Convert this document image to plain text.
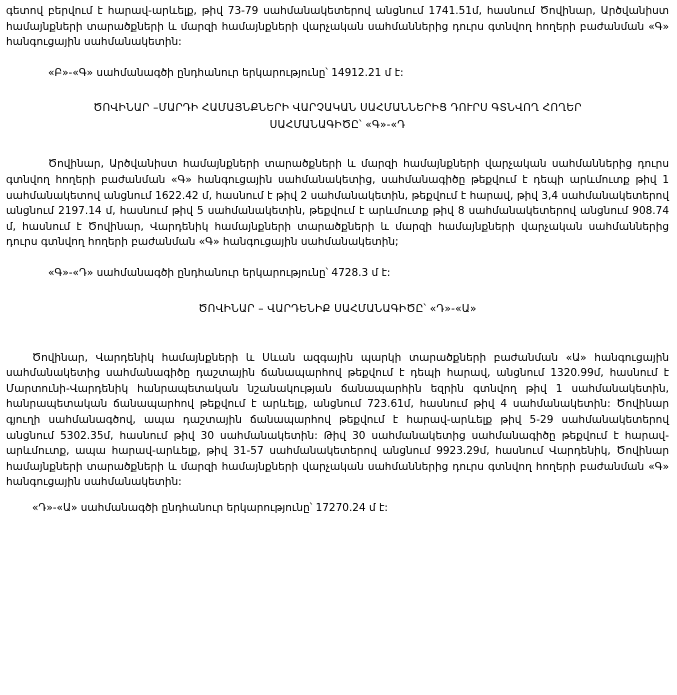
գետով բերվում է հարավ-արևելք, թիվ 73-79 սահմանակետերով անցնում 1741.51մ, հասնում Ծովինար, Արծվանիստ համայնքների տարածքների և մարզի համայնքների վարչական սահմաններից դուրս գտնվող հողերի բաժանման «Գ» հանգուցային սահմանակետին:

«Բ»-«Գ» սահմանագծի ընդհանուր երկարությունը՝ 14912.21 մ է:

ԾՈՎԻՆԱՐ –ՄԱՐԴԻ ՀԱՄԱՅՆՔՆԵՐԻ ՎԱՐՉԱԿԱՆ ՍԱՀՄԱՆՆԵՐԻՑ ԴՈՒՐՍ ԳՏՆՎՈՂ ՀՈՂԵՐ

ՍԱՀՄԱՆԱԳԻԾԸ՝ «Գ»-«Դ

Ծովինար, Արծվանիստ համայնքների տարածքների և մարզի համայնքների վարչական սահմաններից դուրս գտնվող հողերի բաժանման «Գ» հանգուցային սահմանակետից, սահմանագիծը թեքվում է դեպի արևմուտք թիվ 1 սահմանակետով անցնում 1622.42 մ, հասնում է թիվ 2 սահմանակետին, թեքվում է հարավ, թիվ 3,4 սահմանակետերով անցնում 2197.14 մ, հասնում թիվ 5 սահմանակետին, թեքվում է արևմուտք թիվ 8 սահմանակետերով անցնում 908.74 մ, հասնում է Ծովինար, Վարդենիկ համայնքների տարածքների և մարզի համայնքների վարչական սահմաններից դուրս գտնվող հողերի բաժանման «Գ» հանգուցային սահմանակետին;

«Գ»-«Դ» սահմանագծի ընդհանուր երկարությունը՝ 4728.3 մ է:

ԾՈՎԻՆԱՐ – ՎԱՐԴԵՆԻՔ ՍԱՀՄԱՆԱԳԻԾԸ՝ «Դ»-«Ա»

Ծովինար, Վարդենիկ համայնքների և Սևան ազգային պարկի տարածքների բաժանման «Ա» հանգուցային սահմանակետից սահմանագիծը դաշտային ճանապարհով թեքվում է դեպի հարավ, անցնում 1320.99մ, հասնում է Մարտունի-Վարդենիկ հանրապետական նշանակության ճանապարհին եզրին գտնվող թիվ 1 սահմանակետին, հանրապետական ճանապարհով թեքվում է արևելք, անցնում 723.61մ, հասնում թիվ 4 սահմանակետին: Ծովինար գյուղի սահմանագծով, ապա դաշտային ճանապարհով թեքվում է հարավ-արևելք թիվ 5-29 սահմանակետերով անցնում 5302.35մ, հասնում թիվ 30 սահմանակետին: Թիվ 30 սահմանակետից սահմանագիծը թեքվում է հարավ-արևմուտք, ապա հարավ-արևելք, թիվ 31-57 սահմանակետերով անցնում 9923.29մ, հասնում Վարդենիկ, Ծովինար համայնքների տարածքների և մարզի համայնքների վարչական սահմաններից դուրս գտնվող հողերի բաժանման «Գ» հանգուցային սահմանակետին:

«Դ»-«Ա» սահմանագծի ընդհանուր երկարությունը՝ 17270.24 մ է:
